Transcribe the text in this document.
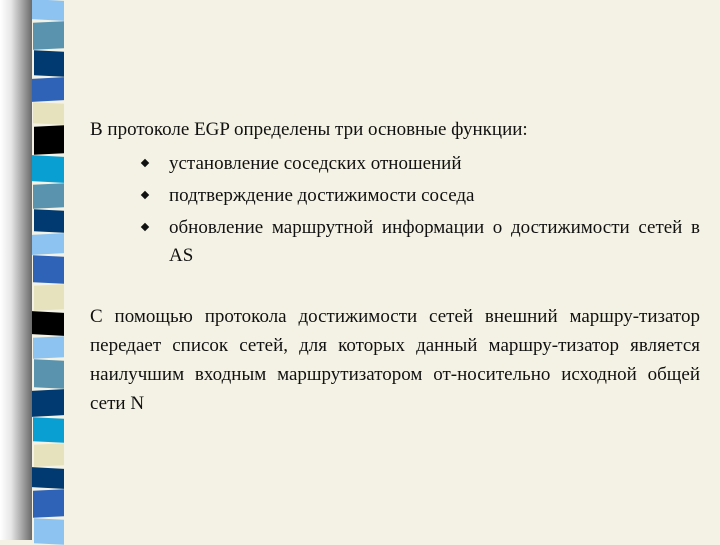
В протоколе EGP определены три основные функции:

установление соседских отношений
подтверждение достижимости соседа
обновление маршрутной информации о достижимости сетей в AS

С помощью протокола достижимости сетей внешний маршру-тизатор передает список сетей, для которых данный маршру-тизатор является наилучшим входным маршрутизатором от-носительно исходной общей сети N
